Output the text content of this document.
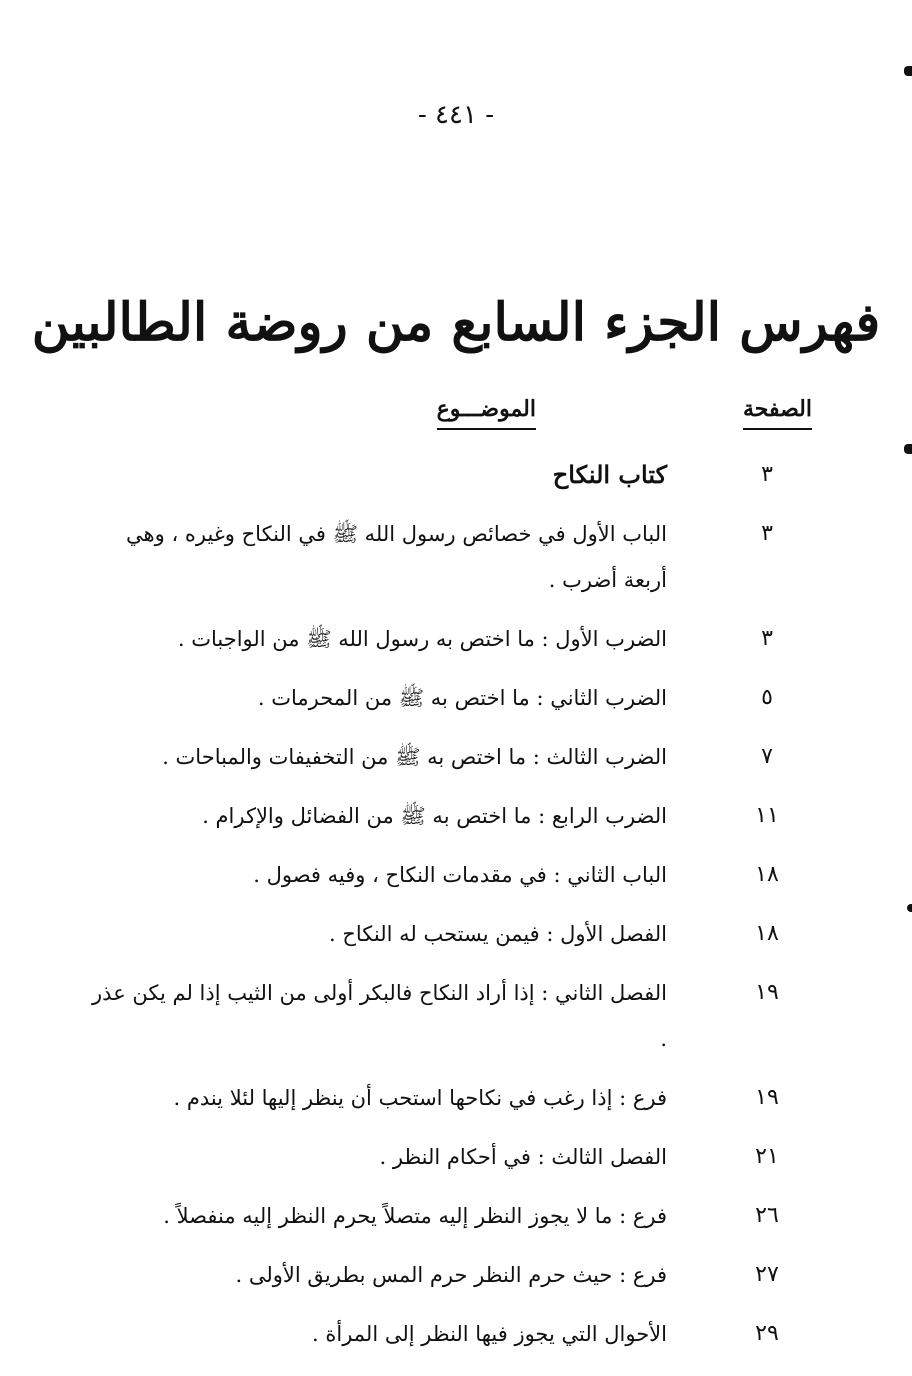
- ٤٤١ -
فهرس الجزء السابع من روضة الطالبين
الصفحة
الموضـــوع
٣
كتاب النكاح
٣
الباب الأول في خصائص رسول الله ﷺ في النكاح وغيره ، وهي أربعة أضرب .
٣
الضرب الأول : ما اختص به رسول الله ﷺ من الواجبات .
٥
الضرب الثاني : ما اختص به ﷺ من المحرمات .
٧
الضرب الثالث : ما اختص به ﷺ من التخفيفات والمباحات .
١١
الضرب الرابع : ما اختص به ﷺ من الفضائل والإكرام .
١٨
الباب الثاني : في مقدمات النكاح ، وفيه فصول .
١٨
الفصل الأول : فيمن يستحب له النكاح .
١٩
الفصل الثاني : إذا أراد النكاح فالبكر أولى من الثيب إذا لم يكن عذر .
١٩
فرع : إذا رغب في نكاحها استحب أن ينظر إليها لئلا يندم .
٢١
الفصل الثالث : في أحكام النظر .
٢٦
فرع : ما لا يجوز النظر إليه متصلاً يحرم النظر إليه منفصلاً .
٢٧
فرع : حيث حرم النظر حرم المس بطريق الأولى .
٢٩
الأحوال التي يجوز فيها النظر إلى المرأة .
